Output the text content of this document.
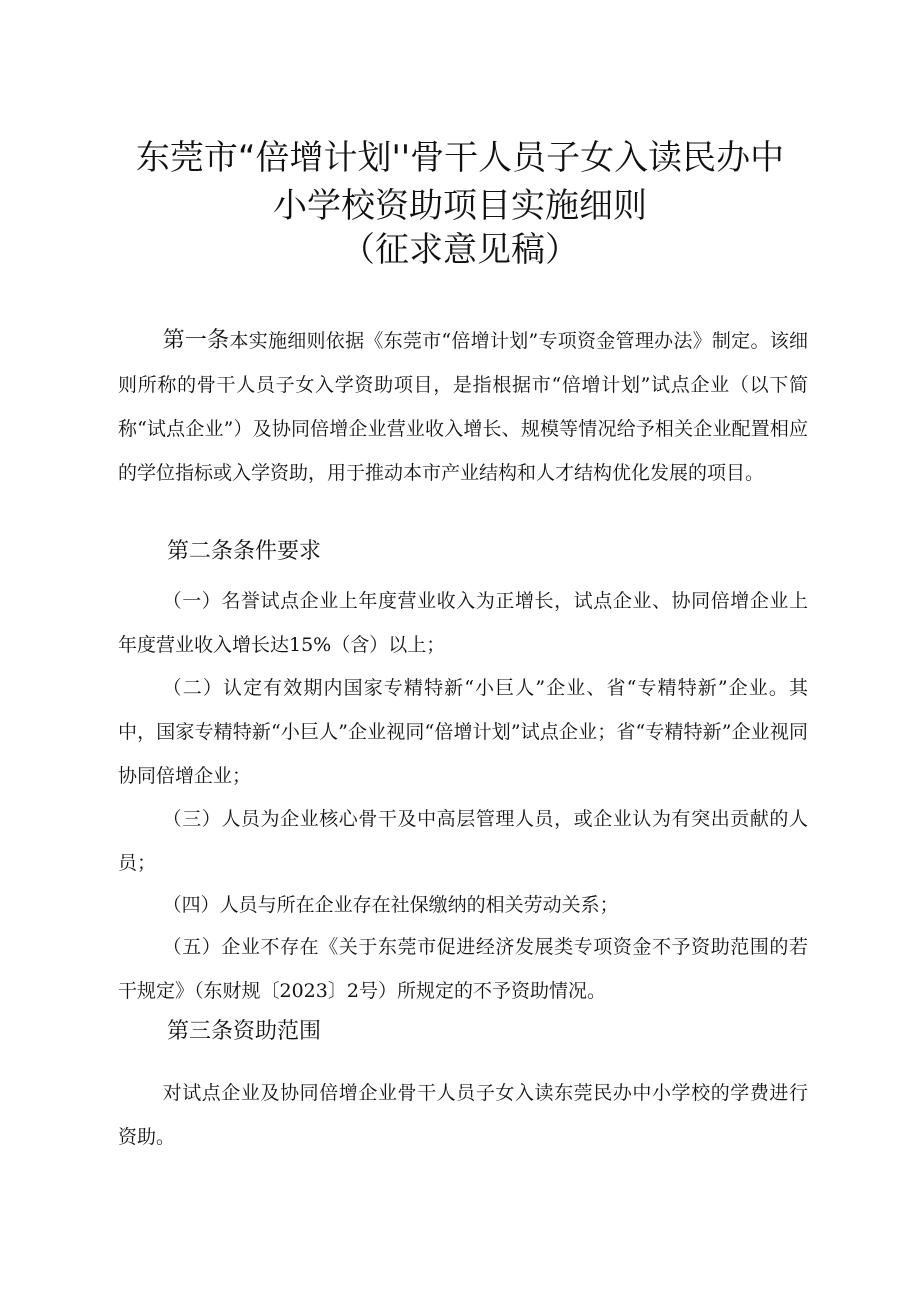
东莞市“倍增计划''骨干人员子女入读民办中
小学校资助项目实施细则
（征求意见稿）
第一条本实施细则依据《东莞市“倍增计划”专项资金管理办法》制定。该细则所称的骨干人员子女入学资助项目，是指根据市“倍增计划”试点企业（以下简称“试点企业”）及协同倍增企业营业收入增长、规模等情况给予相关企业配置相应的学位指标或入学资助，用于推动本市产业结构和人才结构优化发展的项目。
第二条条件要求
（一）名誉试点企业上年度营业收入为正增长，试点企业、协同倍增企业上年度营业收入增长达15%（含）以上；
（二）认定有效期内国家专精特新“小巨人”企业、省“专精特新”企业。其中，国家专精特新“小巨人”企业视同“倍增计划”试点企业；省“专精特新”企业视同协同倍增企业；
（三）人员为企业核心骨干及中高层管理人员，或企业认为有突出贡献的人员；
（四）人员与所在企业存在社保缴纳的相关劳动关系；
（五）企业不存在《关于东莞市促进经济发展类专项资金不予资助范围的若干规定》（东财规〔2023〕2号）所规定的不予资助情况。
第三条资助范围
对试点企业及协同倍增企业骨干人员子女入读东莞民办中小学校的学费进行资助。
